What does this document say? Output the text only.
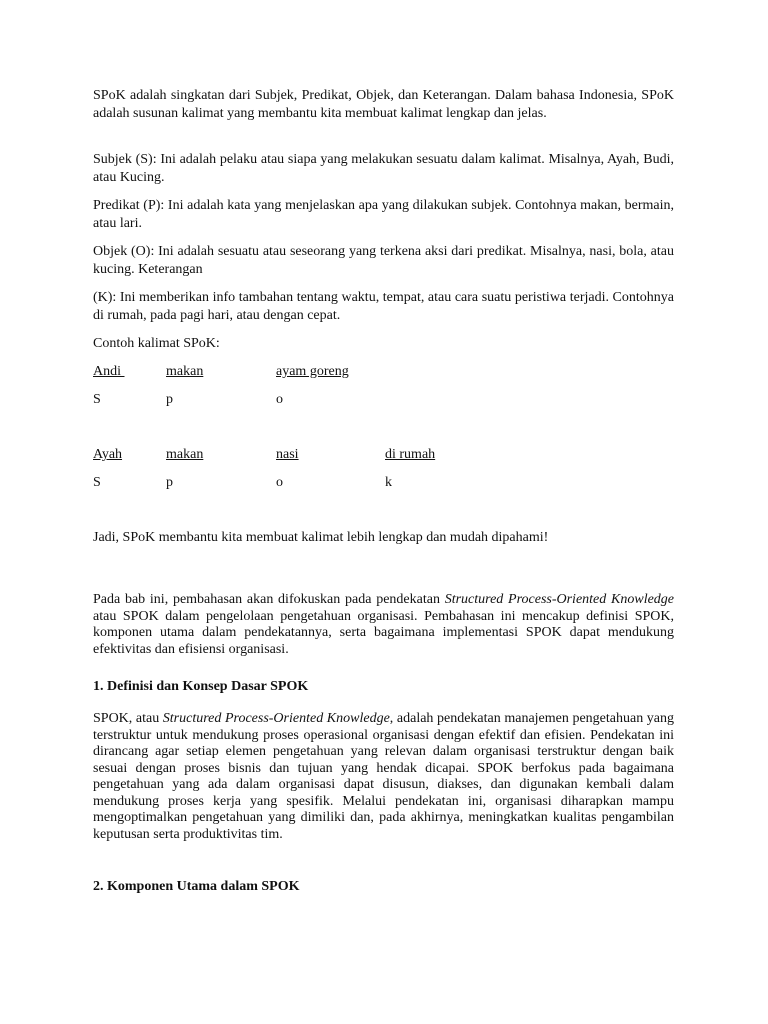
SPoK adalah singkatan dari Subjek, Predikat, Objek, dan Keterangan. Dalam bahasa Indonesia, SPoK adalah susunan kalimat yang membantu kita membuat kalimat lengkap dan jelas.

Subjek (S): Ini adalah pelaku atau siapa yang melakukan sesuatu dalam kalimat. Misalnya, Ayah, Budi, atau Kucing.

Predikat (P): Ini adalah kata yang menjelaskan apa yang dilakukan subjek. Contohnya makan, bermain, atau lari.

Objek (O): Ini adalah sesuatu atau seseorang yang terkena aksi dari predikat. Misalnya, nasi, bola, atau kucing. Keterangan

(K): Ini memberikan info tambahan tentang waktu, tempat, atau cara suatu peristiwa terjadi. Contohnya di rumah, pada pagi hari, atau dengan cepat.

Contoh kalimat SPoK:

Andi	makan	ayam goreng
S	p	o
Ayah	makan	nasi	di rumah
S	p	o	k

Jadi, SPoK membantu kita membuat kalimat lebih lengkap dan mudah dipahami!

Pada bab ini, pembahasan akan difokuskan pada pendekatan Structured Process-Oriented Knowledge atau SPOK dalam pengelolaan pengetahuan organisasi. Pembahasan ini mencakup definisi SPOK, komponen utama dalam pendekatannya, serta bagaimana implementasi SPOK dapat mendukung efektivitas dan efisiensi organisasi.

1. Definisi dan Konsep Dasar SPOK

SPOK, atau Structured Process-Oriented Knowledge, adalah pendekatan manajemen pengetahuan yang terstruktur untuk mendukung proses operasional organisasi dengan efektif dan efisien. Pendekatan ini dirancang agar setiap elemen pengetahuan yang relevan dalam organisasi terstruktur dengan baik sesuai dengan proses bisnis dan tujuan yang hendak dicapai. SPOK berfokus pada bagaimana pengetahuan yang ada dalam organisasi dapat disusun, diakses, dan digunakan kembali dalam mendukung proses kerja yang spesifik. Melalui pendekatan ini, organisasi diharapkan mampu mengoptimalkan pengetahuan yang dimiliki dan, pada akhirnya, meningkatkan kualitas pengambilan keputusan serta produktivitas tim.

2. Komponen Utama dalam SPOK
